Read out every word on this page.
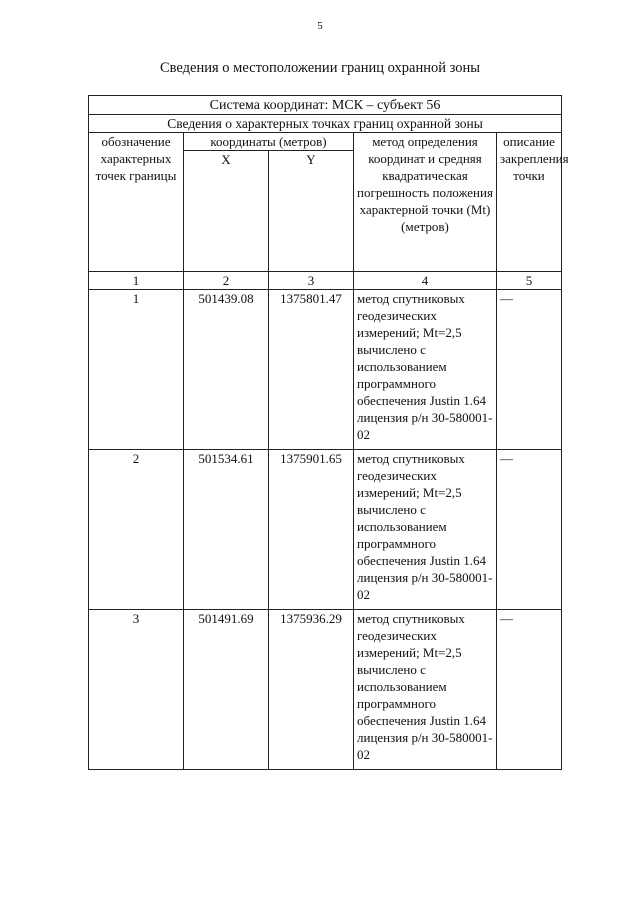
5
Сведения о местоположении границ охранной зоны
Система координат: МСК – субъект 56				
Сведения о характерных точках границ охранной зоны				
обозначение характерных точек границы	координаты (метров)		метод определения координат и средняя квадратическая погрешность положения характерной точки (Mt) (метров)	описание закрепления точки
	X	Y		
1	2	3	4	5
1	501439.08	1375801.47	метод спутниковых геодезических измерений; Mt=2,5 вычислено с использованием программного обеспечения Justin 1.64 лицензия р/н 30-580001-02	—
2	501534.61	1375901.65	метод спутниковых геодезических измерений; Mt=2,5 вычислено с использованием программного обеспечения Justin 1.64 лицензия р/н 30-580001-02	—
3	501491.69	1375936.29	метод спутниковых геодезических измерений; Mt=2,5 вычислено с использованием программного обеспечения Justin 1.64 лицензия р/н 30-580001-02	—
